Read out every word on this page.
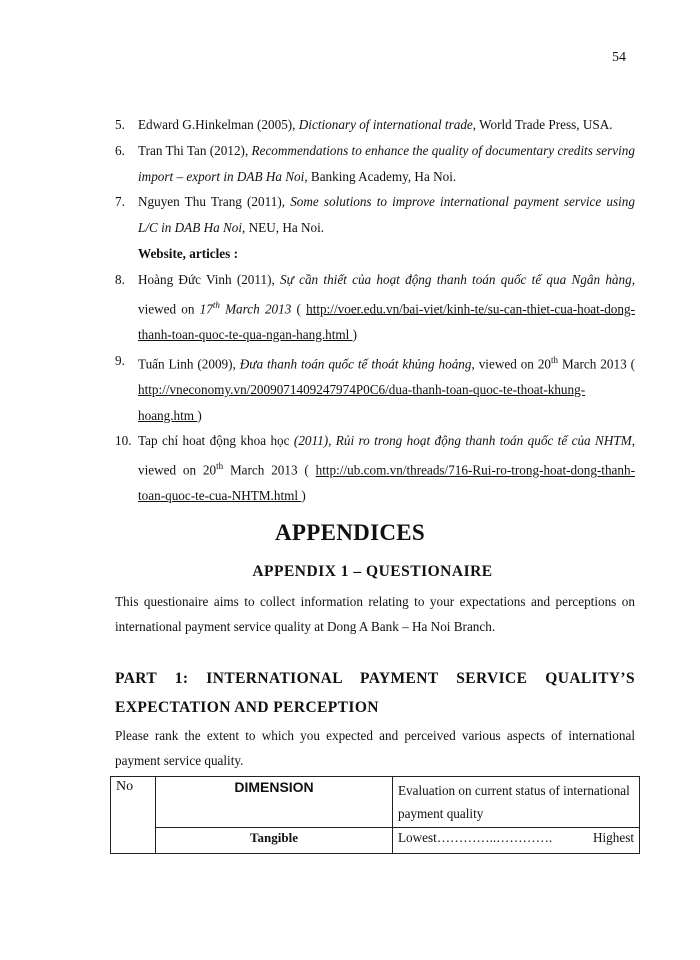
54
5. Edward G.Hinkelman (2005), Dictionary of international trade, World Trade Press, USA.
6. Tran Thi Tan (2012), Recommendations to enhance the quality of documentary credits serving import – export in DAB Ha Noi, Banking Academy, Ha Noi.
7. Nguyen Thu Trang (2011), Some solutions to improve international payment service using L/C in DAB Ha Noi, NEU, Ha Noi.
Website, articles :
8. Hoàng Đức Vinh (2011), Sự cần thiết của hoạt động thanh toán quốc tế qua Ngân hàng, viewed on 17th March 2013 ( http://voer.edu.vn/bai-viet/kinh-te/su-can-thiet-cua-hoat-dong-thanh-toan-quoc-te-qua-ngan-hang.html )
9. Tuấn Linh (2009), Đưa thanh toán quốc tế thoát khủng hoảng, viewed on 20th March 2013 ( http://vneconomy.vn/2009071409247974P0C6/dua-thanh-toan-quoc-te-thoat-khung-hoang.htm )
10. Tap chí hoat động khoa học (2011), Rủi ro trong hoạt động thanh toán quốc tế của NHTM, viewed on 20th March 2013 ( http://ub.com.vn/threads/716-Rui-ro-trong-hoat-dong-thanh-toan-quoc-te-cua-NHTM.html )
APPENDICES
APPENDIX 1 – QUESTIONAIRE
This questionaire aims to collect information relating to your expectations and perceptions on international payment service quality at Dong A Bank – Ha Noi Branch.
PART 1: INTERNATIONAL PAYMENT SERVICE QUALITY’S EXPECTATION AND PERCEPTION
Please rank the extent to which you expected and perceived various aspects of international payment service quality.
No	DIMENSION	Evaluation on current status of international payment quality
	Tangible	Lowest …………..…………. Highest
